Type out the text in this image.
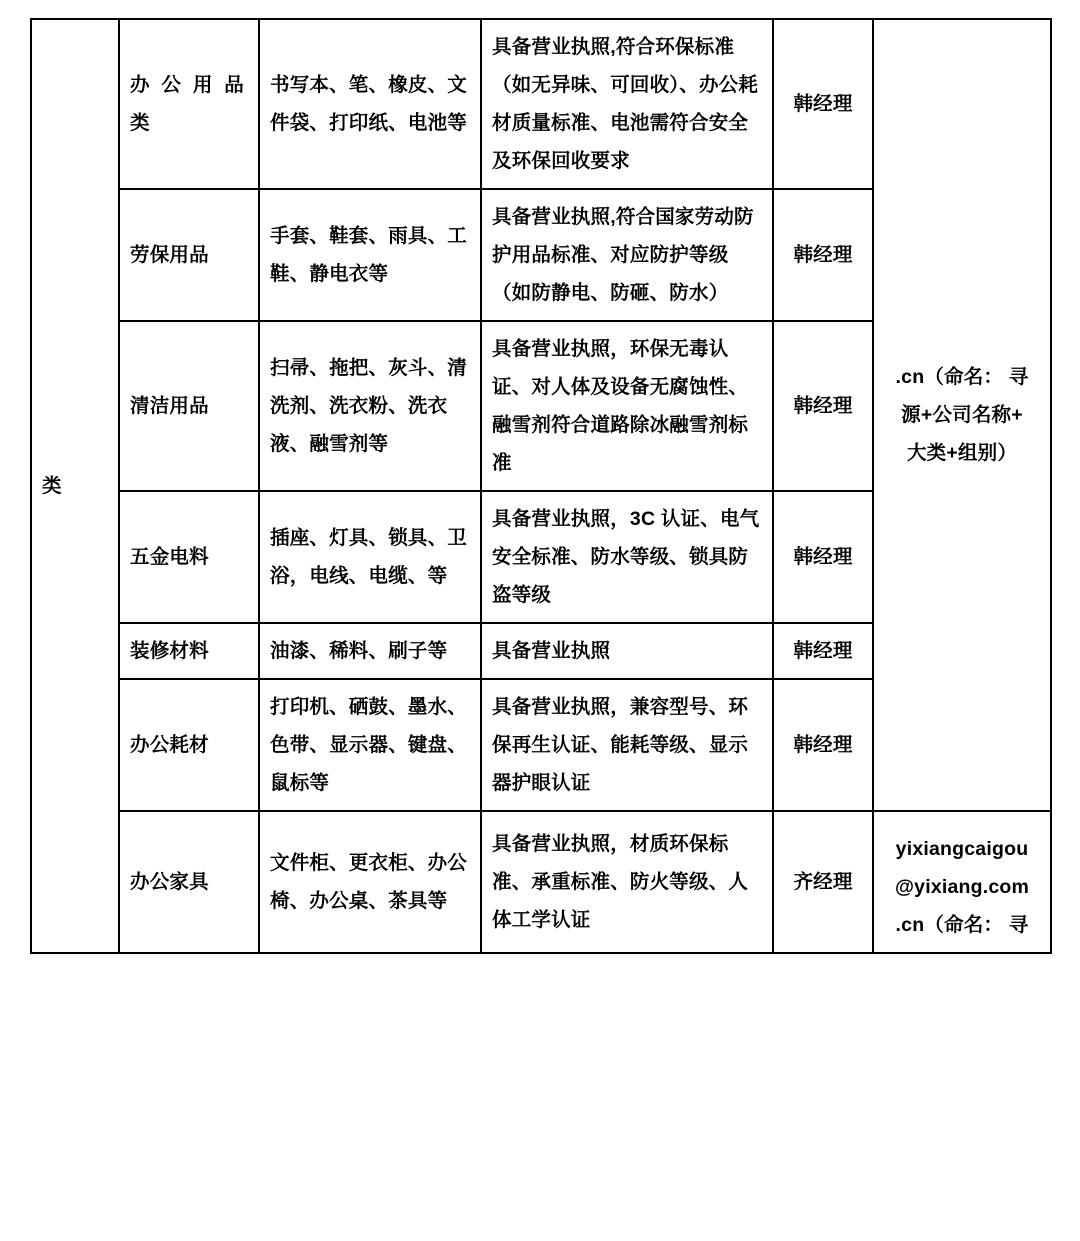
类	办 公 用 品 类	书写本、笔、橡皮、文件袋、打印纸、电池等	具备营业执照,符合环保标准（如无异味、可回收）、办公耗材质量标准、电池需符合安全及环保回收要求	韩经理	.cn（命名： 寻
源+公司名称+
大类+组别）

	劳保用品	手套、鞋套、雨具、工鞋、静电衣等	具备营业执照,符合国家劳动防护用品标准、对应防护等级（如防静电、防砸、防水）	韩经理	
	清洁用品	扫帚、拖把、灰斗、清洗剂、洗衣粉、洗衣液、融雪剂等	具备营业执照，环保无毒认证、对人体及设备无腐蚀性、融雪剂符合道路除冰融雪剂标准	韩经理	
	五金电料	插座、灯具、锁具、卫浴，电线、电缆、等	具备营业执照，3C 认证、电气安全标准、防水等级、锁具防盗等级	韩经理	
	装修材料	油漆、稀料、刷子等	具备营业执照	韩经理	
	办公耗材	打印机、硒鼓、墨水、色带、显示器、键盘、鼠标等	具备营业执照，兼容型号、环保再生认证、能耗等级、显示器护眼认证	韩经理	
	办公家具	文件柜、更衣柜、办公椅、办公桌、茶具等	具备营业执照，材质环保标准、承重标准、防火等级、人体工学认证	齐经理	yixiangcaigou
@yixiang.com
.cn（命名： 寻
